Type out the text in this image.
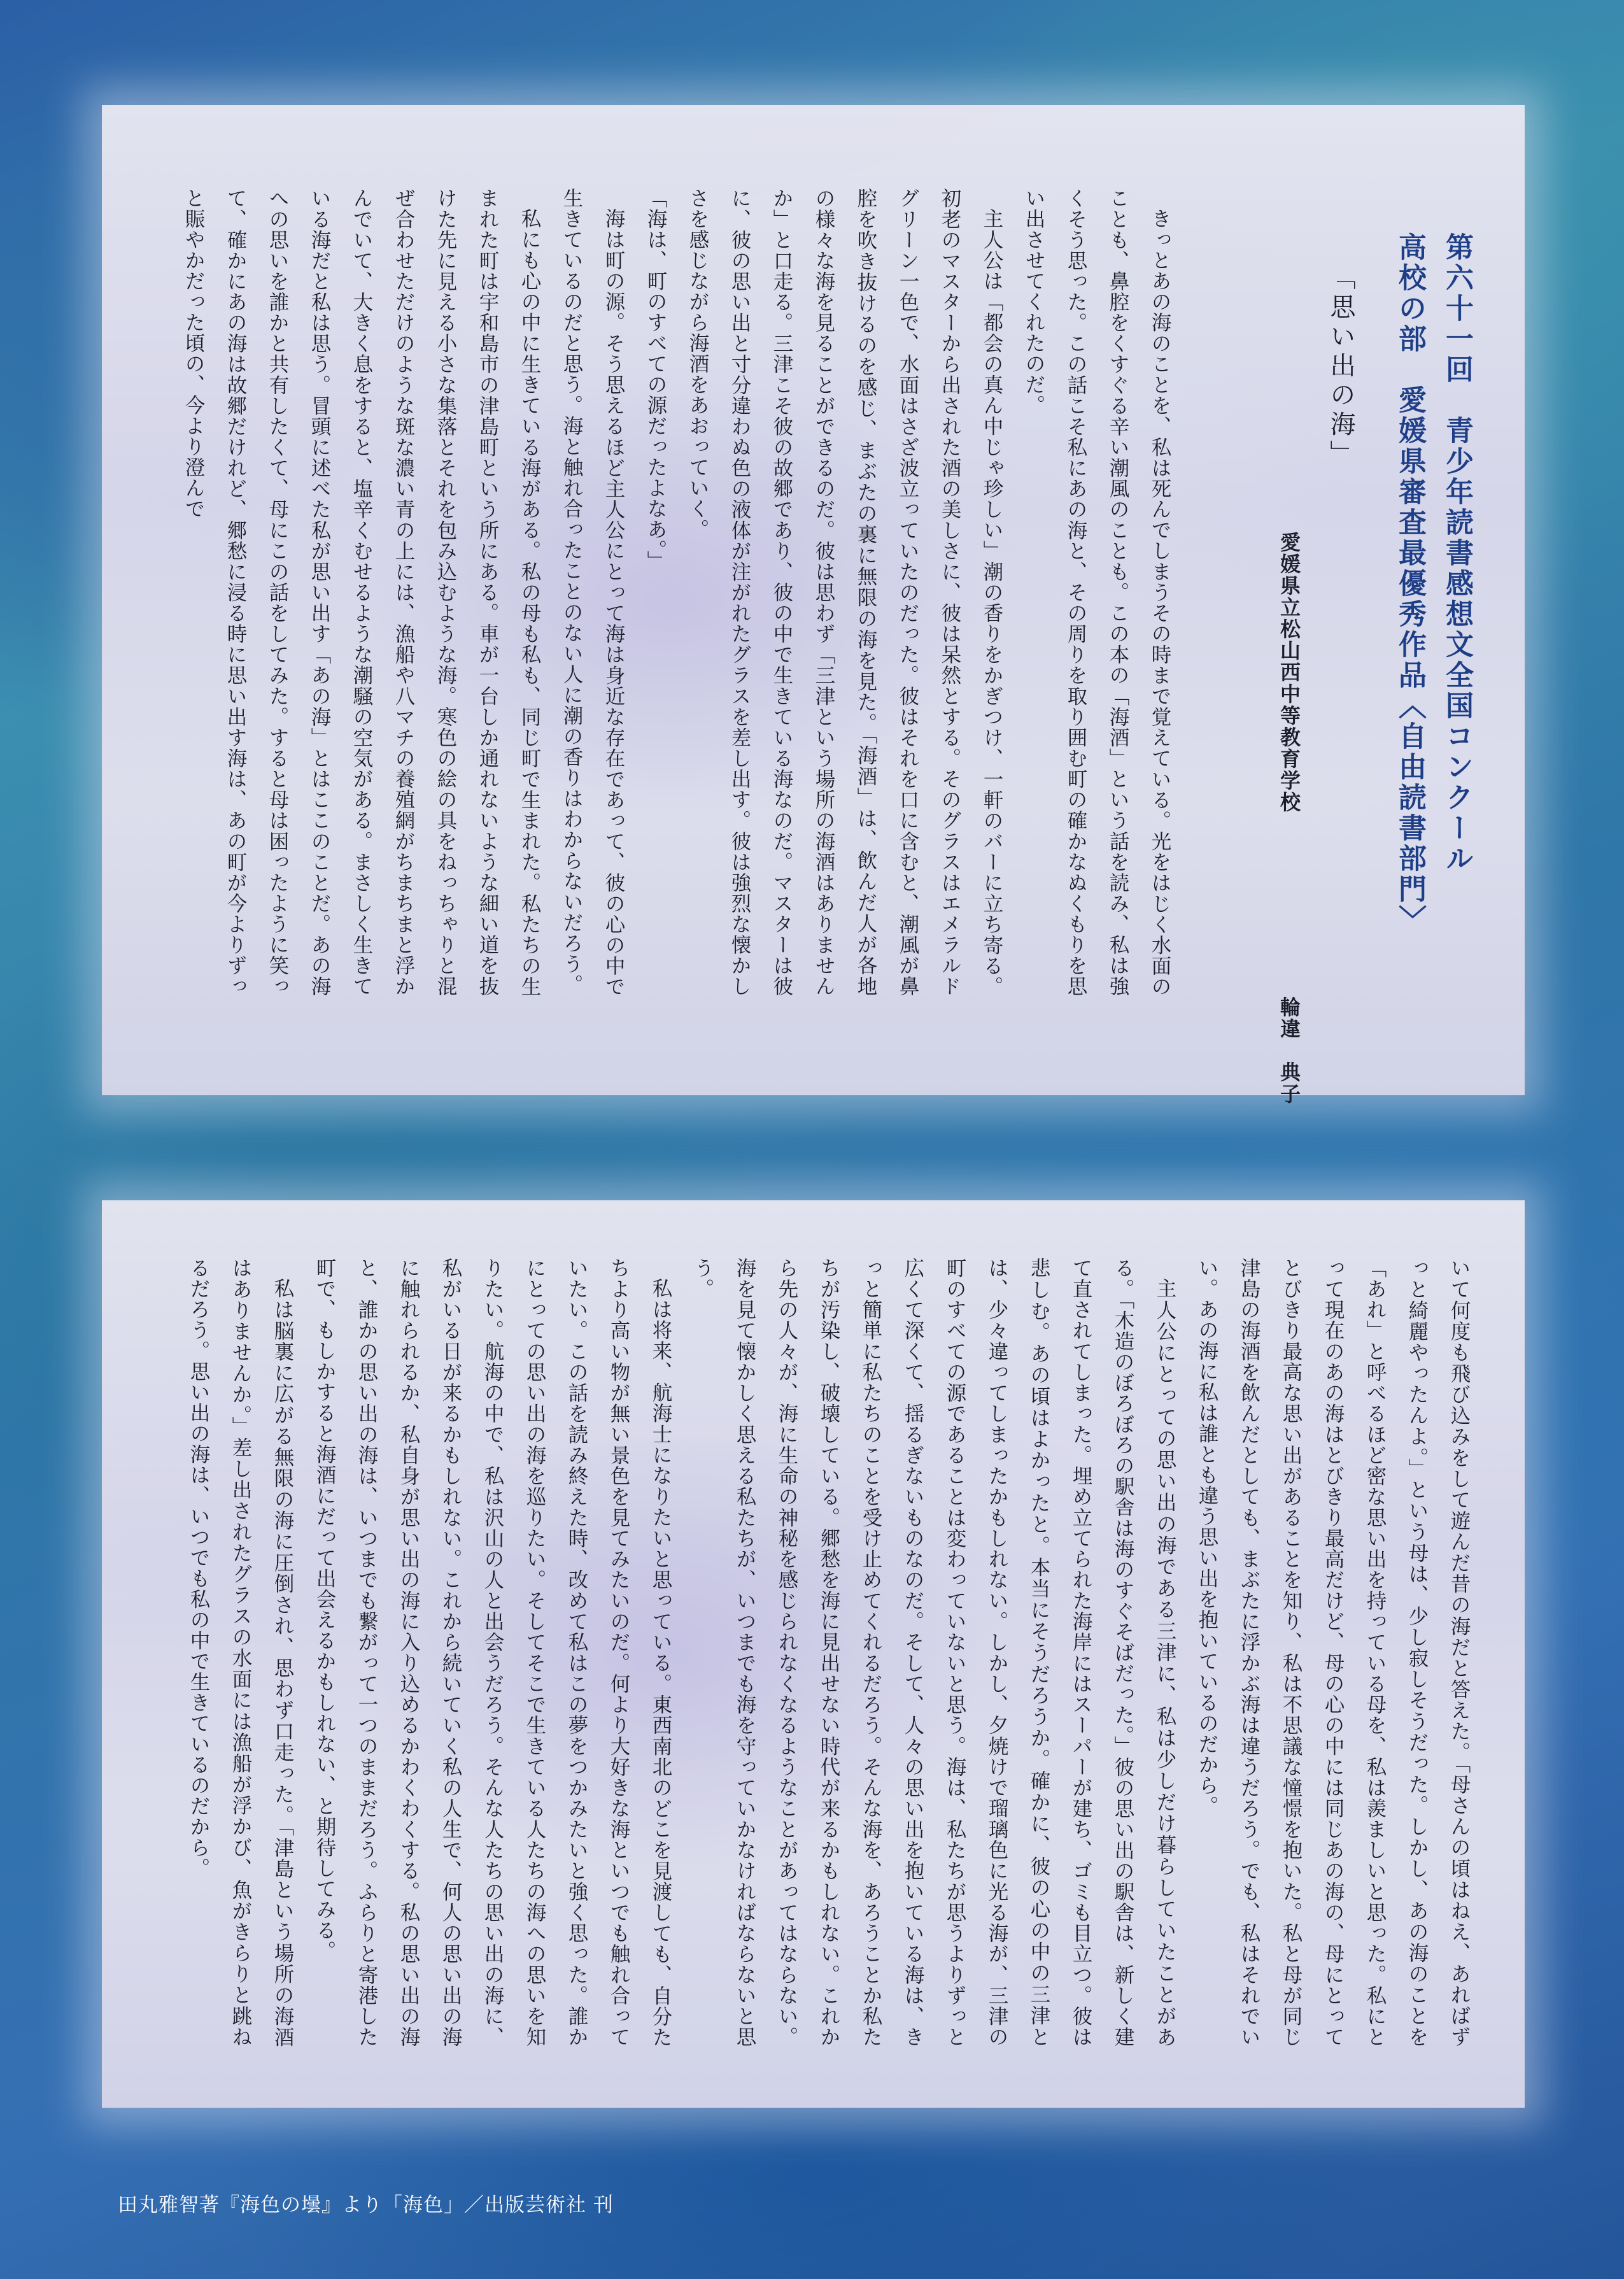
第六十一回　青少年読書感想文全国コンクール
高校の部　愛媛県審査最優秀作品〈自由読書部門〉
「思い出の海」
愛媛県立松山西中等教育学校
輪違　典子

きっとあの海のことを、私は死んでしまうその時まで覚えている。光をはじく水面のことも、鼻腔をくすぐる辛い潮風のことも。この本の「海酒」という話を読み、私は強くそう思った。この話こそ私にあの海と、その周りを取り囲む町の確かなぬくもりを思い出させてくれたのだ。

主人公は「都会の真ん中じゃ珍しい」潮の香りをかぎつけ、一軒のバーに立ち寄る。初老のマスターから出された酒の美しさに、彼は呆然とする。そのグラスはエメラルドグリーン一色で、水面はさざ波立っていたのだった。彼はそれを口に含むと、潮風が鼻腔を吹き抜けるのを感じ、まぶたの裏に無限の海を見た。「海酒」は、飲んだ人が各地の様々な海を見ることができるのだ。彼は思わず「三津という場所の海酒はありませんか」と口走る。三津こそ彼の故郷であり、彼の中で生きている海なのだ。マスターは彼に、彼の思い出と寸分違わぬ色の液体が注がれたグラスを差し出す。彼は強烈な懐かしさを感じながら海酒をあおっていく。

「海は、町のすべての源だったよなあ。」

海は町の源。そう思えるほど主人公にとって海は身近な存在であって、彼の心の中で生きているのだと思う。海と触れ合ったことのない人に潮の香りはわからないだろう。

私にも心の中に生きている海がある。私の母も私も、同じ町で生まれた。私たちの生まれた町は宇和島市の津島町という所にある。車が一台しか通れないような細い道を抜けた先に見える小さな集落とそれを包み込むような海。寒色の絵の具をねっちゃりと混ぜ合わせただけのような斑な濃い青の上には、漁船や八マチの養殖網がちまちまと浮かんでいて、大きく息をすると、塩辛くむせるような潮騒の空気がある。まさしく生きている海だと私は思う。冒頭に述べた私が思い出す「あの海」とはここのことだ。あの海への思いを誰かと共有したくて、母にこの話をしてみた。すると母は困ったように笑って、確かにあの海は故郷だけれど、郷愁に浸る時に思い出す海は、あの町が今よりずっと賑やかだった頃の、今より澄んで

いて何度も飛び込みをして遊んだ昔の海だと答えた。「母さんの頃はねえ、あればずっと綺麗やったんよ。」という母は、少し寂しそうだった。しかし、あの海のことを「あれ」と呼べるほど密な思い出を持っている母を、私は羨ましいと思った。私にとって現在のあの海はとびきり最高だけど、母の心の中には同じあの海の、母にとってとびきり最高な思い出があることを知り、私は不思議な憧憬を抱いた。私と母が同じ津島の海酒を飲んだとしても、まぶたに浮かぶ海は違うだろう。でも、私はそれでいい。あの海に私は誰とも違う思い出を抱いているのだから。

主人公にとっての思い出の海である三津に、私は少しだけ暮らしていたことがある。「木造のぼろぼろの駅舎は海のすぐそばだった。」彼の思い出の駅舎は、新しく建て直されてしまった。埋め立てられた海岸にはスーパーが建ち、ゴミも目立つ。彼は悲しむ。あの頃はよかったと。本当にそうだろうか。確かに、彼の心の中の三津とは、少々違ってしまったかもしれない。しかし、夕焼けで瑠璃色に光る海が、三津の町のすべての源であることは変わっていないと思う。海は、私たちが思うよりずっと広くて深くて、揺るぎないものなのだ。そして、人々の思い出を抱いている海は、きっと簡単に私たちのことを受け止めてくれるだろう。そんな海を、あろうことか私たちが汚染し、破壊している。郷愁を海に見出せない時代が来るかもしれない。これから先の人々が、海に生命の神秘を感じられなくなるようなことがあってはならない。海を見て懐かしく思える私たちが、いつまでも海を守っていかなければならないと思う。

私は将来、航海士になりたいと思っている。東西南北のどこを見渡しても、自分たちより高い物が無い景色を見てみたいのだ。何より大好きな海といつでも触れ合っていたい。この話を読み終えた時、改めて私はこの夢をつかみたいと強く思った。誰かにとっての思い出の海を巡りたい。そしてそこで生きている人たちの海への思いを知りたい。航海の中で、私は沢山の人と出会うだろう。そんな人たちの思い出の海に、私がいる日が来るかもしれない。これから続いていく私の人生で、何人の思い出の海に触れられるか、私自身が思い出の海に入り込めるかわくわくする。私の思い出の海と、誰かの思い出の海は、いつまでも繋がって一つのままだろう。ふらりと寄港した町で、もしかすると海酒にだって出会えるかもしれない、と期待してみる。

私は脳裏に広がる無限の海に圧倒され、思わず口走った。「津島という場所の海酒はありませんか。」差し出されたグラスの水面には漁船が浮かび、魚がきらりと跳ねるだろう。思い出の海は、いつでも私の中で生きているのだから。

田丸雅智著『海色の壜』より「海色」／出版芸術社 刊
